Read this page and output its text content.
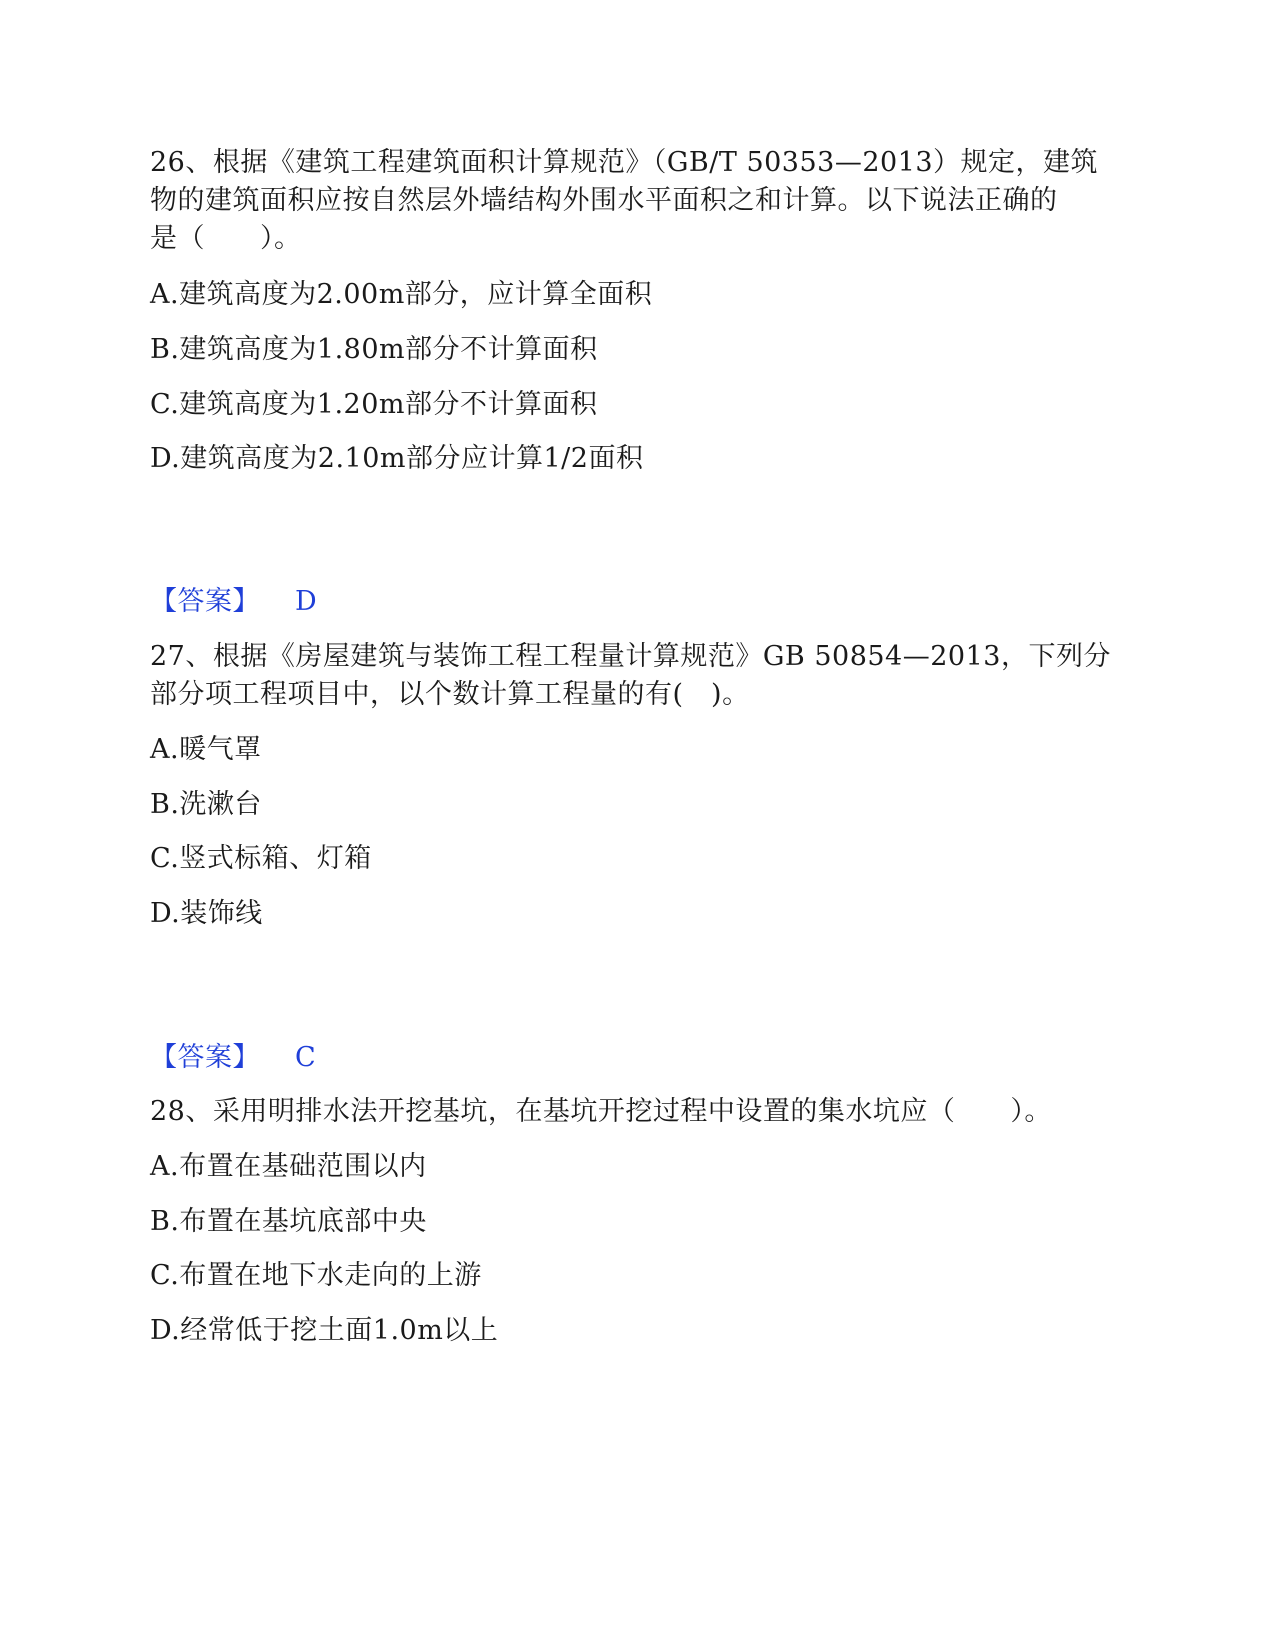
26、根据《建筑工程建筑面积计算规范》（GB/T 50353—2013）规定，建筑
物的建筑面积应按自然层外墙结构外围水平面积之和计算。以下说法正确的
是（　　）。
A.建筑高度为2.00m部分，应计算全面积
B.建筑高度为1.80m部分不计算面积
C.建筑高度为1.20m部分不计算面积
D.建筑高度为2.10m部分应计算1/2面积
【答案】 D
27、根据《房屋建筑与装饰工程工程量计算规范》GB 50854—2013，下列分
部分项工程项目中，以个数计算工程量的有(　)。
A.暖气罩
B.洗漱台
C.竖式标箱、灯箱
D.装饰线
【答案】 C
28、采用明排水法开挖基坑，在基坑开挖过程中设置的集水坑应（　　）。
A.布置在基础范围以内
B.布置在基坑底部中央
C.布置在地下水走向的上游
D.经常低于挖土面1.0m以上
